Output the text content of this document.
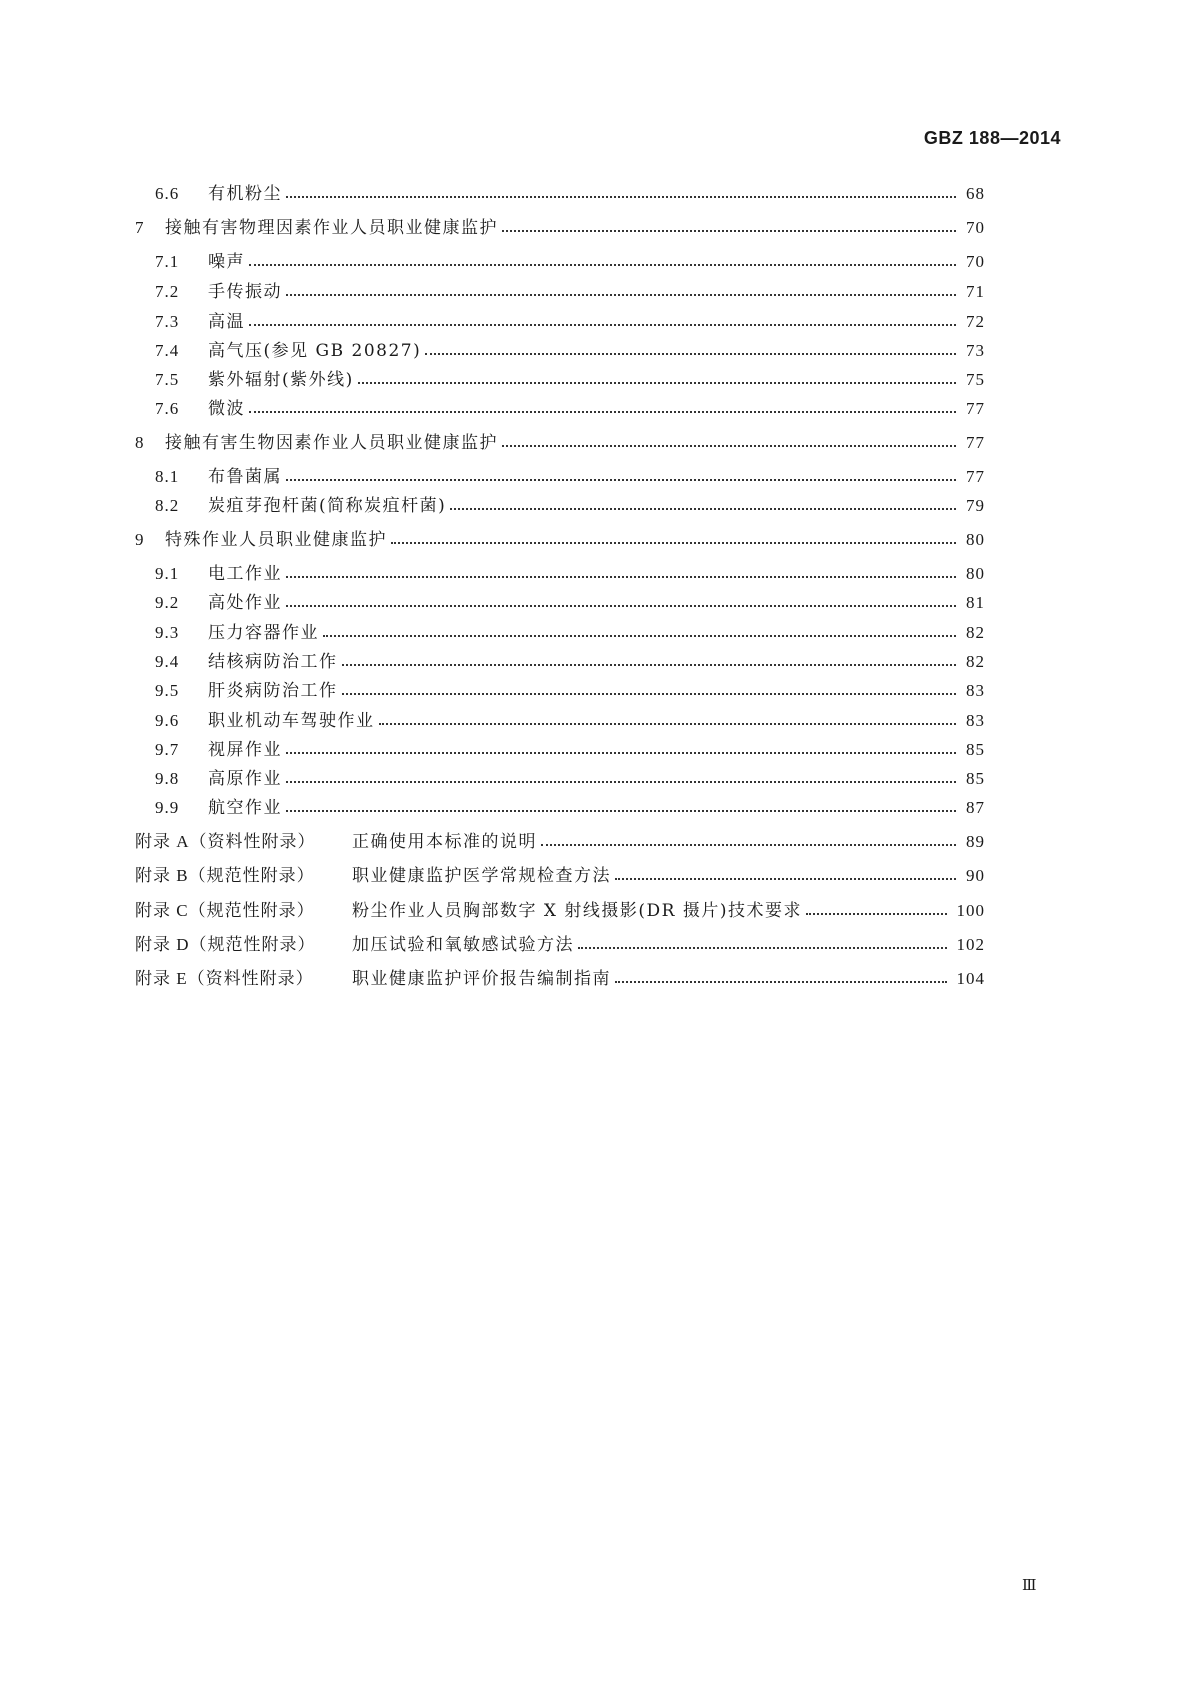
GBZ 188—2014
6.6 有机粉尘	68
7 接触有害物理因素作业人员职业健康监护	70
7.1 噪声	70
7.2 手传振动	71
7.3 高温	72
7.4 高气压(参见 GB 20827)	73
7.5 紫外辐射(紫外线)	75
7.6 微波	77
8 接触有害生物因素作业人员职业健康监护	77
8.1 布鲁菌属	77
8.2 炭疽芽孢杆菌(简称炭疽杆菌)	79
9 特殊作业人员职业健康监护	80
9.1 电工作业	80
9.2 高处作业	81
9.3 压力容器作业	82
9.4 结核病防治工作	82
9.5 肝炎病防治工作	83
9.6 职业机动车驾驶作业	83
9.7 视屏作业	85
9.8 高原作业	85
9.9 航空作业	87
附录 A（资料性附录） 正确使用本标准的说明	89
附录 B（规范性附录） 职业健康监护医学常规检查方法	90
附录 C（规范性附录） 粉尘作业人员胸部数字 X 射线摄影(DR 摄片)技术要求	100
附录 D（规范性附录） 加压试验和氧敏感试验方法	102
附录 E（资料性附录） 职业健康监护评价报告编制指南	104
Ⅲ
